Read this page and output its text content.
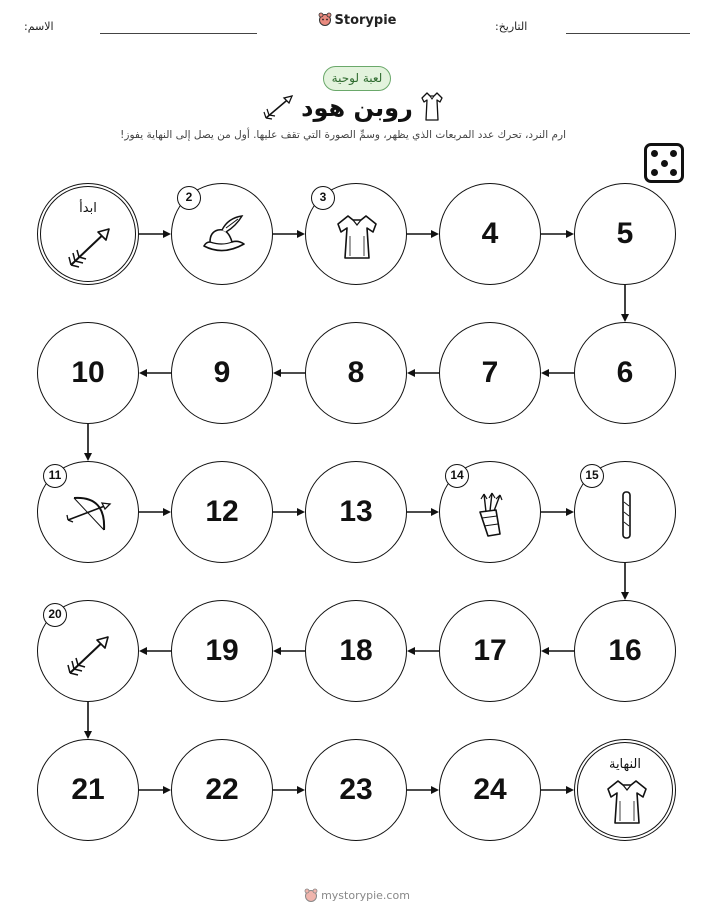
الاسم:	Storypie	التاريخ:
لعبة لوحية
روبن هود
ارم النرد، تحرك عدد المربعات الذي يظهر، وسمِّ الصورة التي تقف عليها. أول من يصل إلى النهاية يفوز!
ابدأ
2	3
4	5
6
7
8
9
10
11
12	13
14	15
16
17
18
19
20
21	22	23	24
النهاية
mystorypie.com
